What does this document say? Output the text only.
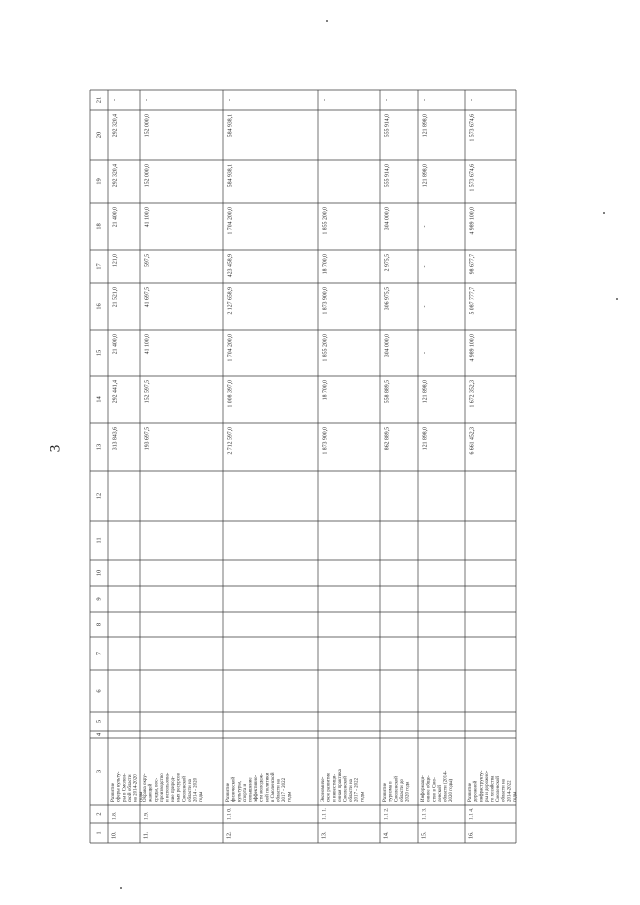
3
1
2
3
4
5
6
7
8
9
10
11
12
13
14
15
16
17
18
19
20
21
10.
1.8.
Развитие сферы культу- ры в Смолен- ской области на 2014-2020 годы
313 843,6
292 441,4
21 400,0
21 521,0
121,0
21 400,0
292 320,4
292 320,4
-
11.
1.9.
Охрана окру- жающей среды, вос- производство и использова- ние природ- ных ресурсов Смоленской области на 2014 - 2020 годы
193 697,5
152 597,5
41 100,0
41 697,5
597,5
41 100,0
152 000,0
152 000,0
-
12.
1.1 0.
Развитие физической культуры, спорта и повышение эффективно- сти молодеж- ной политики в Смоленской области на 2017 - 2022 годы
2 712 597,0
1 008 397,0
1 704 200,0
2 127 658,9
423 458,9
1 704 200,0
584 938,1
584 938,1
-
13.
1.1 1.
Экономиче- ское развитие и инвестици- онная практика Смоленской области на 2017 - 2022 годы
1 873 900,0
18 700,0
1 855 200,0
1 873 900,0
18 700,0
1 855 200,0
-
14.
1.1 2.
Развитие туризма в Смоленской области до 2020 года
862 889,5
558 889,5
304 000,0
306 975,5
2 975,5
304 000,0
555 914,0
555 914,0
-
15.
1.1 3.
Информаци- онное обще- ство в Смо- ленской области (2014- 2020 годы)
121 898,0
121 898,0
-
-
-
-
121 898,0
121 898,0
-
16.
1.1 4.
Развитие дорожной инфраструкту- ры и дорожно- го хозяйства Смоленской области на 2014-2022 годы
6 661 452,3
1 672 352,3
4 989 100,0
5 087 777,7
98 677,7
4 989 100,0
1 573 674,6
1 573 674,6
-
